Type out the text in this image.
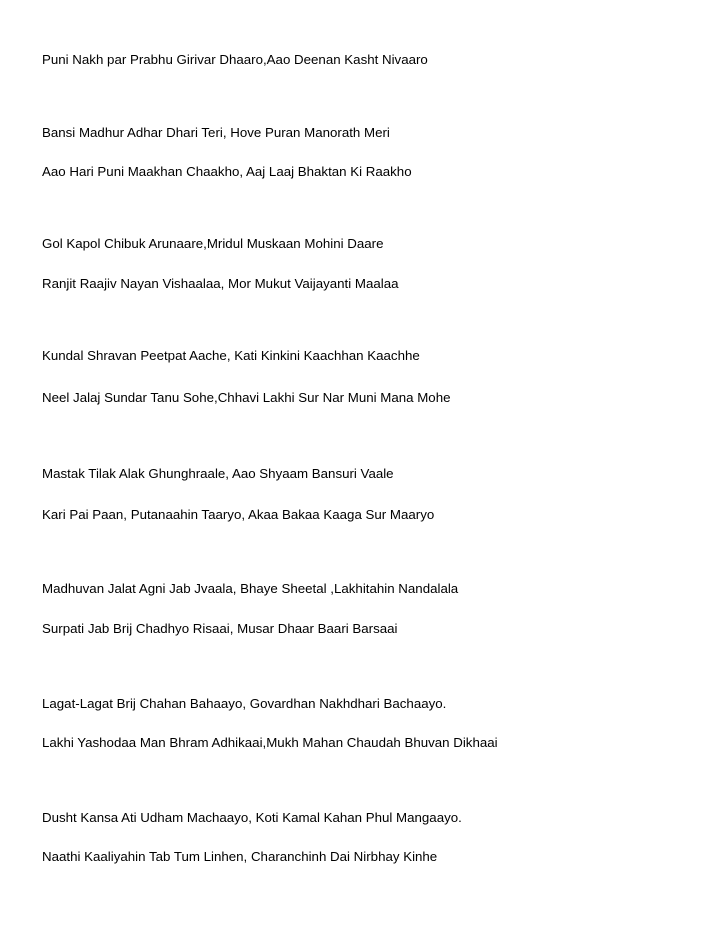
Puni Nakh par Prabhu Girivar Dhaaro,Aao Deenan Kasht Nivaaro

Bansi Madhur Adhar Dhari Teri, Hove Puran Manorath Meri

Aao Hari Puni Maakhan Chaakho, Aaj Laaj Bhaktan Ki Raakho

Gol Kapol Chibuk Arunaare,Mridul Muskaan Mohini Daare

Ranjit Raajiv Nayan Vishaalaa, Mor Mukut Vaijayanti Maalaa

Kundal Shravan Peetpat Aache, Kati Kinkini Kaachhan Kaachhe

Neel Jalaj Sundar Tanu Sohe,Chhavi Lakhi Sur Nar Muni Mana Mohe

Mastak Tilak Alak Ghunghraale, Aao Shyaam Bansuri Vaale

Kari Pai Paan, Putanaahin Taaryo, Akaa Bakaa Kaaga Sur Maaryo

Madhuvan Jalat Agni Jab Jvaala, Bhaye Sheetal ,Lakhitahin Nandalala

Surpati Jab Brij Chadhyo Risaai, Musar Dhaar Baari Barsaai

Lagat-Lagat Brij Chahan Bahaayo, Govardhan Nakhdhari Bachaayo.

Lakhi Yashodaa Man Bhram Adhikaai,Mukh Mahan Chaudah Bhuvan Dikhaai

Dusht Kansa Ati Udham Machaayo, Koti Kamal Kahan Phul Mangaayo.

Naathi Kaaliyahin Tab Tum Linhen, Charanchinh Dai Nirbhay Kinhe
